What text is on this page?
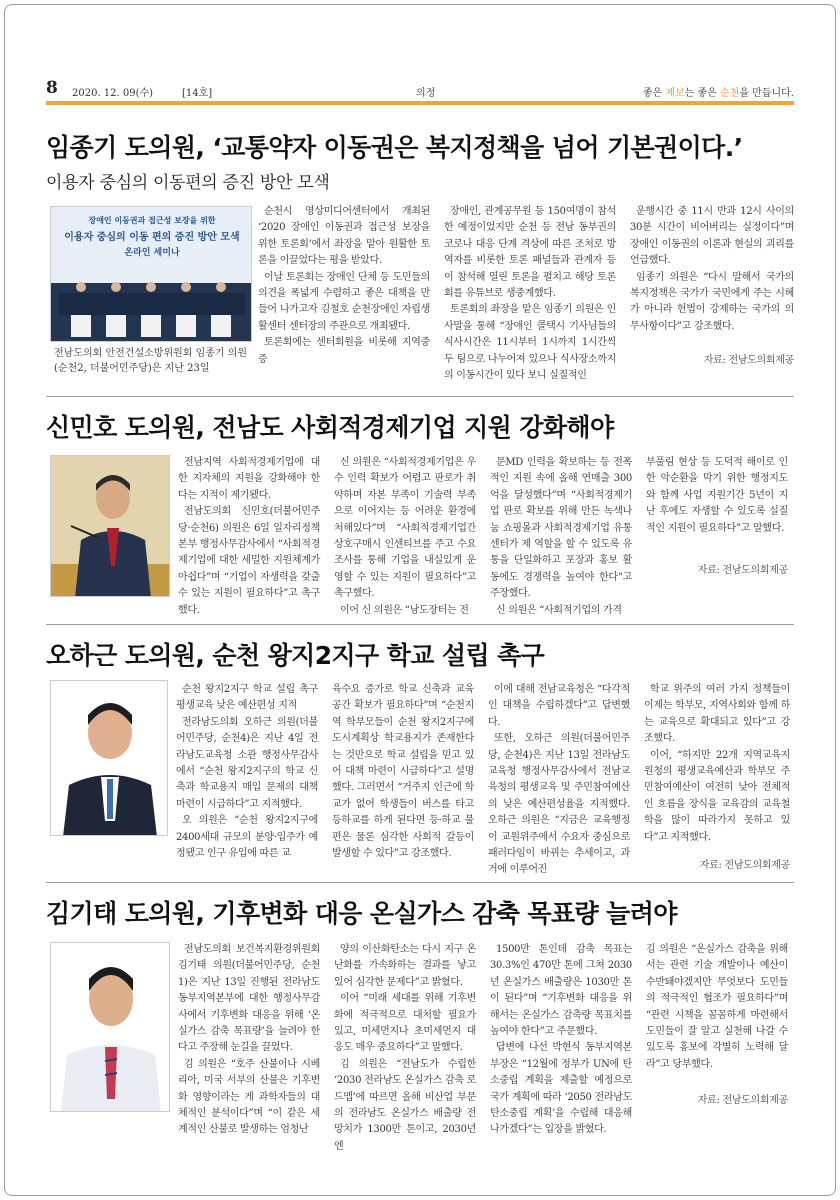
8 2020. 12. 09(수)	[14호]	의정	좋은 제보는 좋은 순천을 만듭니다.
임종기 도의원, ‘교통약자 이동권은 복지정책을 넘어 기본권이다.’
이용자 중심의 이동편의 증진 방안 모색
장애인 이동권과 접근성 보장을 위한
이용자 중심의 이동 편의 증진 방안 모색
온라인 세미나
전남도의회 안전건설소방위원회 임종기 의원(순천2, 더불어민주당)은 지난 23일

순천시 영상미디어센터에서 개최된 ‘2020 장애인 이동권과 접근성 보장을 위한 토론회’에서 좌장을 맡아 원활한 토론을 이끌었다는 평을 받았다.

이날 토론회는 장애인 단체 등 도민들의 의견을 폭넓게 수렴하고 좋은 대책을 만들어 나가고자 김철호 순천장애인 자립생활센터 센터장의 주관으로 개최됐다.

토론회에는 센터회원을 비롯해 지역중증

장애인, 관계공무원 등 150여명이 참석한 예정이었지만 순천 등 전남 동부권의 코로나 대응 단계 격상에 따른 조처로 방역자를 비롯한 토론 패널들과 관계자 등이 참석해 열린 토론을 펼치고 해당 토론회를 유튜브로 생중계했다.

토론회의 좌장을 맡은 임종기 의원은 인사말을 통해 “장애인 콜택시 기사님들의 식사시간은 11시부터 1시까지 1시간씩 두 팀으로 나누어져 있으나 식사장소까지의 이동시간이 있다 보니 실질적인

운행시간 중 11시 반과 12시 사이의 30분 시간이 비어버리는 실정이다”며 장애인 이동권의 이론과 현실의 괴리를 언급했다.

임종기 의원은 “다시 말해서 국가의 복지정책은 국가가 국민에게 주는 시혜가 아니라 헌법이 강제하는 국가의 의무사항이다”고 강조했다.

자료: 전남도의회제공
신민호 도의원, 전남도 사회적경제기업 지원 강화해야

전남지역 사회적경제기업에 대한 지자체의 지원을 강화해야 한다는 지적이 제기됐다.

전남도의회 신민호(더불어민주당·순천6) 의원은 6일 일자리정책본부 행정사무감사에서 “사회적경제기업에 대한 세밀한 지원체계가 아쉽다”며 “기업이 자생력을 갖출 수 있는 지원이 필요하다”고 촉구했다.

신 의원은 “사회적경제기업은 우수 인력 확보가 어렵고 판로가 취약하며 자본 부족이 기술력 부족으로 이어지는 등 어려운 환경에 처해있다”며 “사회적경제기업간 상호구매시 인센티브를 주고 수요조사를 통해 기업을 내실있게 운영할 수 있는 지원이 필요하다”고 촉구했다.

이어 신 의원은 “남도장터는 전

문MD 인력을 확보하는 등 전폭적인 지원 속에 올해 연매출 300억을 달성했다”며 “사회적경제기업 판로 확보를 위해 만든 녹색나눔 쇼핑몰과 사회적경제기업 유통센터가 제 역할을 할 수 있도록 유통을 단일화하고 포장과 홍보 활동에도 경쟁력을 높여야 한다”고 주장했다.

신 의원은 “사회적기업의 가격

부풀림 현상 등 도덕적 해이로 인한 악순환을 막기 위한 행정지도와 함께 사업 지원기간 5년이 지난 후에도 자생할 수 있도록 실질적인 지원이 필요하다”고 말했다.
자료: 전남도의회제공
오하근 도의원, 순천 왕지2지구 학교 설립 촉구

순천 왕지2지구 학교 설립 촉구 평생교육 낮은 예산편성 지적

전라남도의회 오하근 의원(더불어민주당, 순천4)은 지난 4일 전라남도교육청 소관 행정사무감사에서 “순천 왕지2지구의 학교 신축과 학교용지 매입 문제의 대책 마련이 시급하다”고 지적했다.

오 의원은 “순천 왕지2지구에 2400세대 규모의 분양·입주가 예정됐고 인구 유입에 따른 교

육수요 증가로 학교 신축과 교육 공간 확보가 필요하다”며 “순천지역 학부모들이 순천 왕지2지구에 도시계획상 학교용지가 존재한다는 것만으로 학교 설립을 믿고 있어 대책 마련이 시급하다”고 설명했다. 그러면서 “거주지 인근에 학교가 없어 학생들이 버스를 타고 등하교를 하게 된다면 등·하교 불편은 물론 심각한 사회적 갈등이 발생할 수 있다”고 강조했다.

이에 대해 전남교육청은 “다각적인 대책을 수립하겠다”고 답변했다.

또한, 오하근 의원(더불어민주당, 순천4)은 지난 13일 전라남도교육청 행정사무감사에서 전남교육청의 평생교육 및 주민참여예산의 낮은 예산편성율을 지적했다. 오하근 의원은 “지금은 교육행정이 교원위주에서 수요자 중심으로 패러다임이 바뀌는 추세이고, 과거에 이루어진

학교 위주의 여러 가지 정책들이 이제는 학부모, 지역사회와 함께 하는 교육으로 확대되고 있다”고 강조했다.

이어, “하지만 22개 지역교육지원청의 평생교육예산과 학부모 주민참여예산이 여전히 낮아 전체적인 흐름을 장식을 교육감의 교육철학을 많이 따라가지 못하고 있다”고 지적했다.

자료: 전남도의회제공
김기태 도의원, 기후변화 대응 온실가스 감축 목표량 늘려야

전남도의회 보건복지환경위원회 김기태 의원(더불어민주당, 순천1)은 지난 13일 진행된 전라남도 동부지역본부에 대한 행정사무감사에서 기후변화 대응을 위해 ‘온실가스 감축 목표량’을 늘려야 한다고 주장해 눈길을 끌었다.

김 의원은 “호주 산불이나 시베리아, 미국 서부의 산불은 기후변화 영향이라는 게 과학자들의 대체적인 분석이다”며 “이 같은 세계적인 산불로 발생하는 엄청난

양의 이산화탄소는 다시 지구 온난화를 가속화하는 결과를 낳고 있어 심각한 문제다”고 밝혔다.

이어 “미래 세대를 위해 기후변화에 적극적으로 대처할 필요가 있고, 미세먼지나 초미세먼지 대응도 매우 중요하다”고 말했다.

김 의원은 “전남도가 수립한 ‘2030 전라남도 온실가스 감축 로드맵’에 따르면 올해 비산업 부문의 전라남도 온실가스 배출량 전망치가 1300만 톤이고, 2030년엔

1500만 톤인데 감축 목표는 30.3%인 470만 톤에 그쳐 2030년 온실가스 배출량은 1030만 톤이 된다”며 “기후변화 대응을 위해서는 온실가스 감축량 목표치를 높여야 한다”고 주문했다.

답변에 나선 박현식 동부지역본부장은 “12월에 정부가 UN에 탄소중립 계획을 제출할 예정으로 국가 계획에 따라 ‘2050 전라남도 탄소중립 계획’을 수립해 대응해 나가겠다”는 입장을 밝혔다.

김 의원은 “온실가스 감축을 위해서는 관련 기술 개발이나 예산이 수반돼야겠지만 무엇보다 도민들의 적극적인 협조가 필요하다”며 “관련 시책을 꼼꼼하게 마련해서 도민들이 잘 알고 실천해 나갈 수 있도록 홍보에 각별히 노력해 달라”고 당부했다.
자료: 전남도의회제공
